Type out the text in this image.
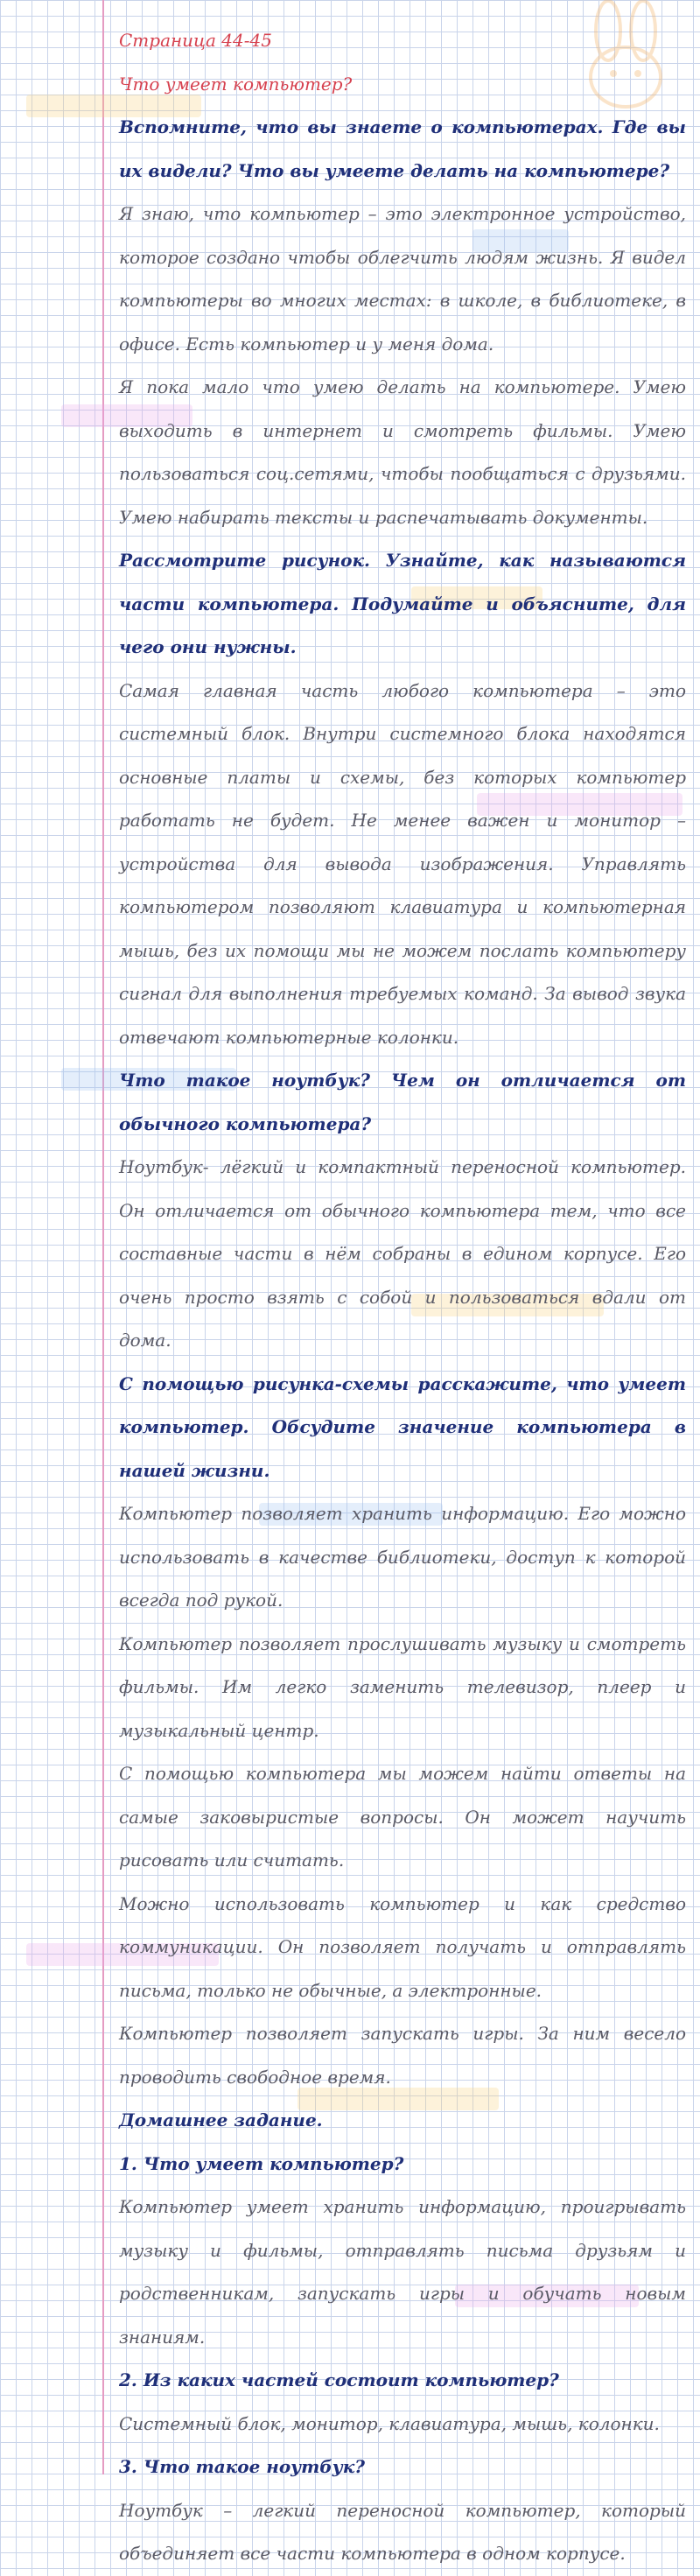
Страница 44-45

Что умеет компьютер?

Вспомните, что вы знаете о компьютерах. Где вы их видели? Что вы умеете делать на компьютере?

Я знаю, что компьютер – это электронное устройство, которое создано чтобы облегчить людям жизнь. Я видел компьютеры во многих местах: в школе, в библиотеке, в офисе. Есть компьютер и у меня дома.

Я пока мало что умею делать на компьютере. Умею выходить в интернет и смотреть фильмы. Умею пользоваться соц.сетями, чтобы пообщаться с друзьями. Умею набирать тексты и распечатывать документы.

Рассмотрите рисунок. Узнайте, как называются части компьютера. Подумайте и объясните, для чего они нужны.

Самая главная часть любого компьютера – это системный блок. Внутри системного блока находятся основные платы и схемы, без которых компьютер работать не будет. Не менее важен и монитор – устройства для вывода изображения. Управлять компьютером позволяют клавиатура и компьютерная мышь, без их помощи мы не можем послать компьютеру сигнал для выполнения требуемых команд. За вывод звука отвечают компьютерные колонки.

Что такое ноутбук? Чем он отличается от обычного компьютера?

Ноутбук- лёгкий и компактный переносной компьютер. Он отличается от обычного компьютера тем, что все составные части в нём собраны в едином корпусе. Его очень просто взять с собой и пользоваться вдали от дома.

С помощью рисунка-схемы расскажите, что умеет компьютер. Обсудите значение компьютера в нашей жизни.

Компьютер позволяет хранить информацию. Его можно использовать в качестве библиотеки, доступ к которой всегда под рукой.

Компьютер позволяет прослушивать музыку и смотреть фильмы. Им легко заменить телевизор, плеер и музыкальный центр.

С помощью компьютера мы можем найти ответы на самые заковыристые вопросы. Он может научить рисовать или считать.

Можно использовать компьютер и как средство коммуникации. Он позволяет получать и отправлять письма, только не обычные, а электронные.

Компьютер позволяет запускать игры. За ним весело проводить свободное время.

Домашнее задание.

1. Что умеет компьютер?

Компьютер умеет хранить информацию, проигрывать музыку и фильмы, отправлять письма друзьям и родственникам, запускать игры и обучать новым знаниям.

2. Из каких частей состоит компьютер?

Системный блок, монитор, клавиатура, мышь, колонки.

3. Что такое ноутбук?

Ноутбук – легкий переносной компьютер, который объединяет все части компьютера в одном корпусе.
